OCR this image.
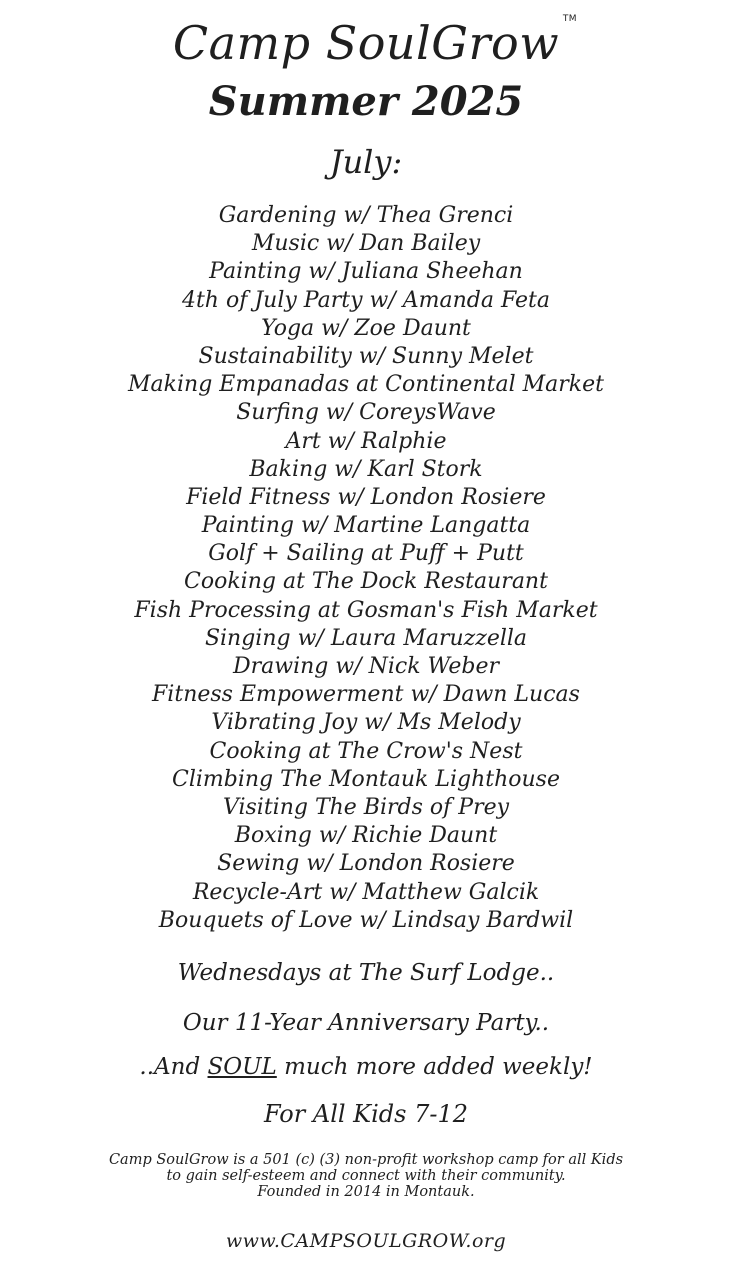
Camp SoulGrow TM
Summer 2025
July:
Gardening w/ Thea Grenci
Music w/ Dan Bailey
Painting w/ Juliana Sheehan
4th of July Party w/ Amanda Feta
Yoga w/ Zoe Daunt
Sustainability w/ Sunny Melet
Making Empanadas at Continental Market
Surfing w/ CoreysWave
Art w/ Ralphie
Baking w/ Karl Stork
Field Fitness w/ London Rosiere
Painting w/ Martine Langatta
Golf + Sailing at Puff + Putt
Cooking at The Dock Restaurant
Fish Processing at Gosman's Fish Market
Singing w/ Laura Maruzzella
Drawing w/ Nick Weber
Fitness Empowerment w/ Dawn Lucas
Vibrating Joy w/ Ms Melody
Cooking at The Crow's Nest
Climbing The Montauk Lighthouse
Visiting The Birds of Prey
Boxing w/ Richie Daunt
Sewing w/ London Rosiere
Recycle-Art w/ Matthew Galcik
Bouquets of Love w/ Lindsay Bardwil
Wednesdays at The Surf Lodge..
Our 11-Year Anniversary Party..
..And SOUL much more added weekly!
For All Kids 7-12
Camp SoulGrow is a 501 (c) (3) non-profit workshop camp for all Kids
to gain self-esteem and connect with their community.
Founded in 2014 in Montauk.
www.CAMPSOULGROW.org
